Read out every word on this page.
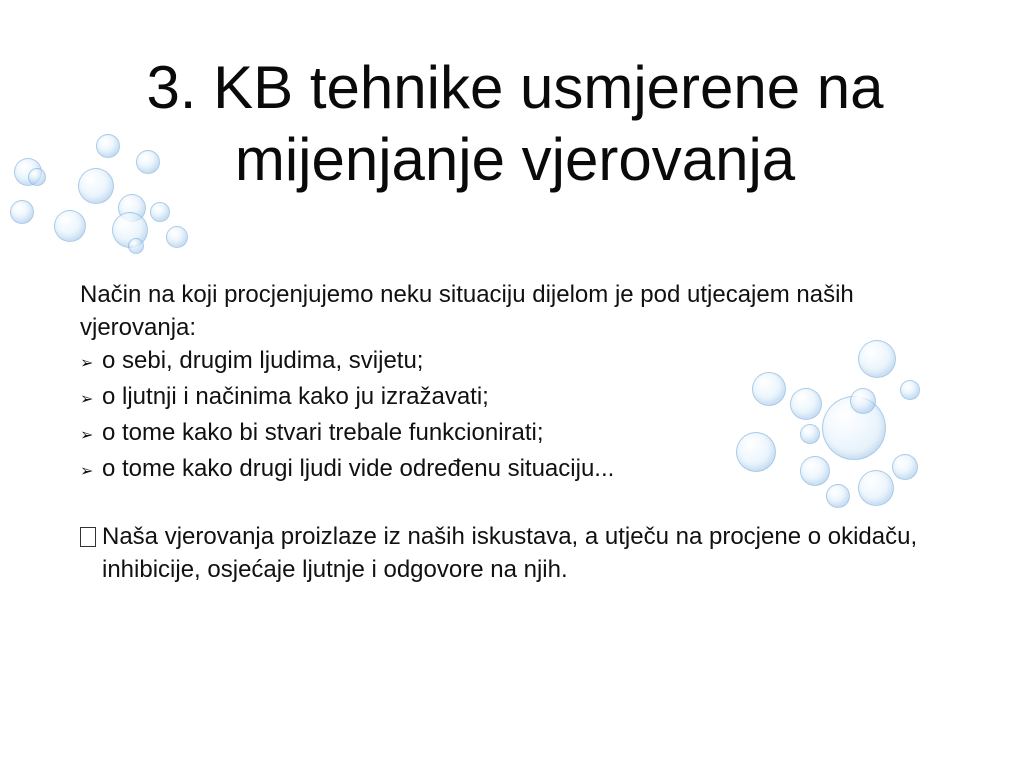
3. KB tehnike usmjerene na mijenjanje vjerovanja

Način na koji procjenjujemo neku situaciju dijelom je pod utjecajem naših vjerovanja:

➢ o sebi, drugim ljudima, svijetu;
➢ o ljutnji i načinima kako ju izražavati;
➢ o tome kako bi stvari trebale funkcionirati;
➢ o tome kako drugi ljudi vide određenu situaciju...
Naša vjerovanja proizlaze iz naših iskustava, a utječu na procjene o okidaču, inhibicije, osjećaje ljutnje i odgovore na njih.
